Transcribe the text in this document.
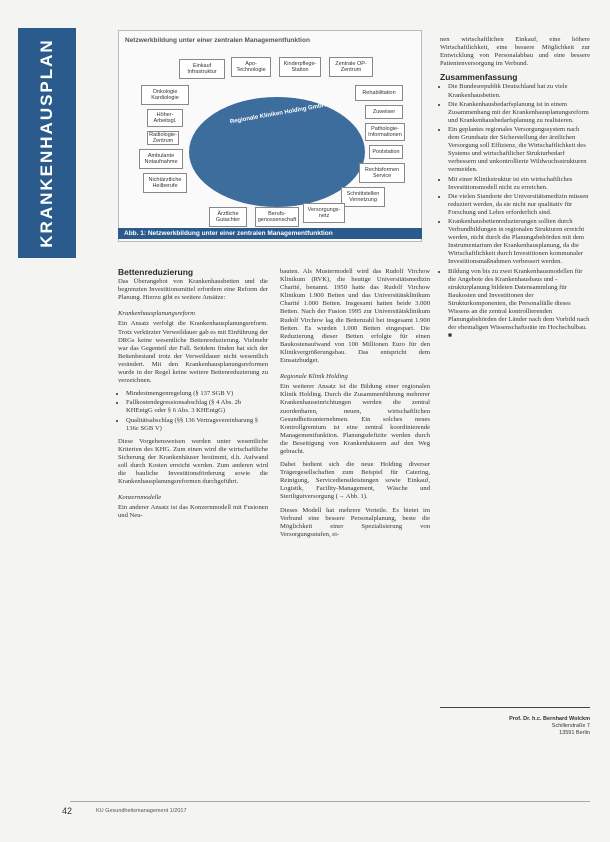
KRANKENHAUSPLAN	Netzwerkbildung unter einer zentralen Managementfunktion
Regionale Kliniken Holding GmbH
Einkauf Infrastruktur
Apo-Technologie
Kinderpflege-Station
Zentrale OP-Zentrum
Onkologie Kardiologie
Höher-Arbeitsgl.
Rehabilitation
Radiologie-Zentrum
Zuweiser
Pathologie-Informationen
Ambulante Notaufnahme
Poolstation
Nichtärztliche Heilberufe
Rechtsformen Service
Schnittstellen Vernetzung
Ärztliche Gutachter
Berufs-genossenschaft
Versorgungs-netz
Abb. 1: Netzwerkbildung unter einer zentralen Managementfunktion
Bettenreduzierung

Das Überangebot von Krankenhausbetten und die begrenzten Investitionsmittel erfordern eine Reform der Planung. Hierzu gibt es weitere Ansätze:

Krankenhausplanungsreform

Ein Ansatz verfolgt die Krankenhausplanungsreform. Trotz verkürzter Verweildauer gab es mit Einführung der DRGs keine wesentliche Bettenreduzierung. Vielmehr war das Gegenteil der Fall. Seitdem finden hat sich der Bettenbestand trotz der Verweildauer nicht wesentlich verändert. Mit den Krankenhausplanungsreformen wurde in der Regel keine weitere Bettenreduzierung zu verzeichnen.

• Mindestmengenregelung (§ 137 SGB V)
• Fallkostendegressionsabschlag (§ 4 Abs. 2b KHEntgG oder § 6 Abs. 3 KHEntgG)
• Qualitätsabschlag (§§ 136 Vertragsvereinbarung § 136c SGB V)

Diese Vorgehensweisen werden unter wesentliche Kriterien des KHG. Zum einen wird die wirtschaftliche Sicherung der Krankenhäuser bestimmt, d.h. Aufwand soll durch Kosten erreicht werden. Zum anderen wird die bauliche Investitionsförderung sowie die Krankenhausplanungsreformen durchgeführt.

Konzernmodelle

Ein anderer Ansatz ist das Konzernmodell mit Fusionen und Neu-

bauten. Als Mustermodell wird das Rudolf Virchow Klinikum (RVK), die heutige Universitätsmedizin Charité, benannt. 1950 hatte das Rudolf Virchow Klinikum 1.900 Betten und das Universitätsklinikum Charité 1.000 Betten. Insgesamt hatten beide 3.000 Betten. Nach der Fusion 1995 zur Universitätsklinikum Rudolf Virchow lag die Bettenzahl bei insgesamt 1.900 Betten. Es wurden 1.000 Betten eingespart. Die Reduzierung dieser Betten erfolgte für einen Baukostenaufwand von 100 Millionen Euro für den Klinikvergrößerungsbau. Das entspricht dem Einsatzbudget.

Regionale Klinik Holding

Ein weiterer Ansatz ist die Bildung einer regionalen Klinik Holding. Durch die Zusammenführung mehrerer Krankenhauseinrichtungen werden die zentral zuordenbaren, neuen, wirtschaftlichen Gesundheitsunternehmen. Ein solches neues Kontrollgremium ist eine zentral koordinierende Managementfunktion. Planungsdefizite werden durch die Beseitigung von Krankenhäusern auf den Weg gebracht.

Dabei bedient sich die neue Holding diverser Trägergesellschaften zum Beispiel für Catering, Reinigung, Servicedienstleistungen sowie Einkauf, Logistik, Facility-Management, Wäsche und Steriligutversorgung (→ Abb. 1).

Dieses Modell hat mehrere Vorteile. Es bietet im Verbund eine bessere Personalplanung, beste die Möglichkeit einer Spezialisierung von Versorgungsstufen, ei-

nen wirtschaftlichen Einkauf, eine höhere Wirtschaftlichkeit, eine bessere Möglichkeit zur Entwicklung von Personalabbau und eine bessere Patientenversorgung im Verbund.

Zusammenfassung
• Die Bundesrepublik Deutschland hat zu viele Krankenhausbetten.
• Die Krankenhausbedarfsplanung ist in einem Zusammenhang mit der Krankenhausplanungsreform und Krankenhausbedarfsplanung zu realisieren.
• Ein geplantes regionales Versorgungssystem nach dem Grundsatz der Sicherstellung der ärztlichen Versorgung soll Effizienz, die Wirtschaftlichkeit des Systems und wirtschaftlicher Strukturbedarf verbessern und unkontrollierte Wildwuchsstrukturen vermeiden.
• Mit einer Klinikstruktur ist ein wirtschaftliches Investitionsmodell nicht zu erreichen.
• Die vielen Standorte der Universitätsmedizin müssen reduziert werden, da sie nicht nur qualitativ für Forschung und Lehre erforderlich sind.
• Krankenhausbettenreduzierungen sollten durch Verbundbildungen in regionalen Strukturen erreicht werden, nicht durch die Planungsbehörden mit dem Instrumentarium der Krankenhausplanung, da die Wirtschaftlichkeit durch Investitionen kommunaler Investitionsmaßnahmen verbessert werden.
• Bildung von bis zu zwei Krankenhausmodellen für die Angebote des Krankenhausbaus und -strukturplanung bildeten Datensammlung für Baukosten und Investitionen der Strukturkomponenten, die Personalfälle dieses Wissens an die zentral kontrollierenden Planungsbehörden der Länder nach dem Vorbild nach der ehemaligen Wissenschaftsräte im Hochschulbau. ■
Prof. Dr. h.c. Bernhard Wolckm
Schillerstraße 7
13591 Berlin
42	KU Gesundheitsmanagement 1/2017
